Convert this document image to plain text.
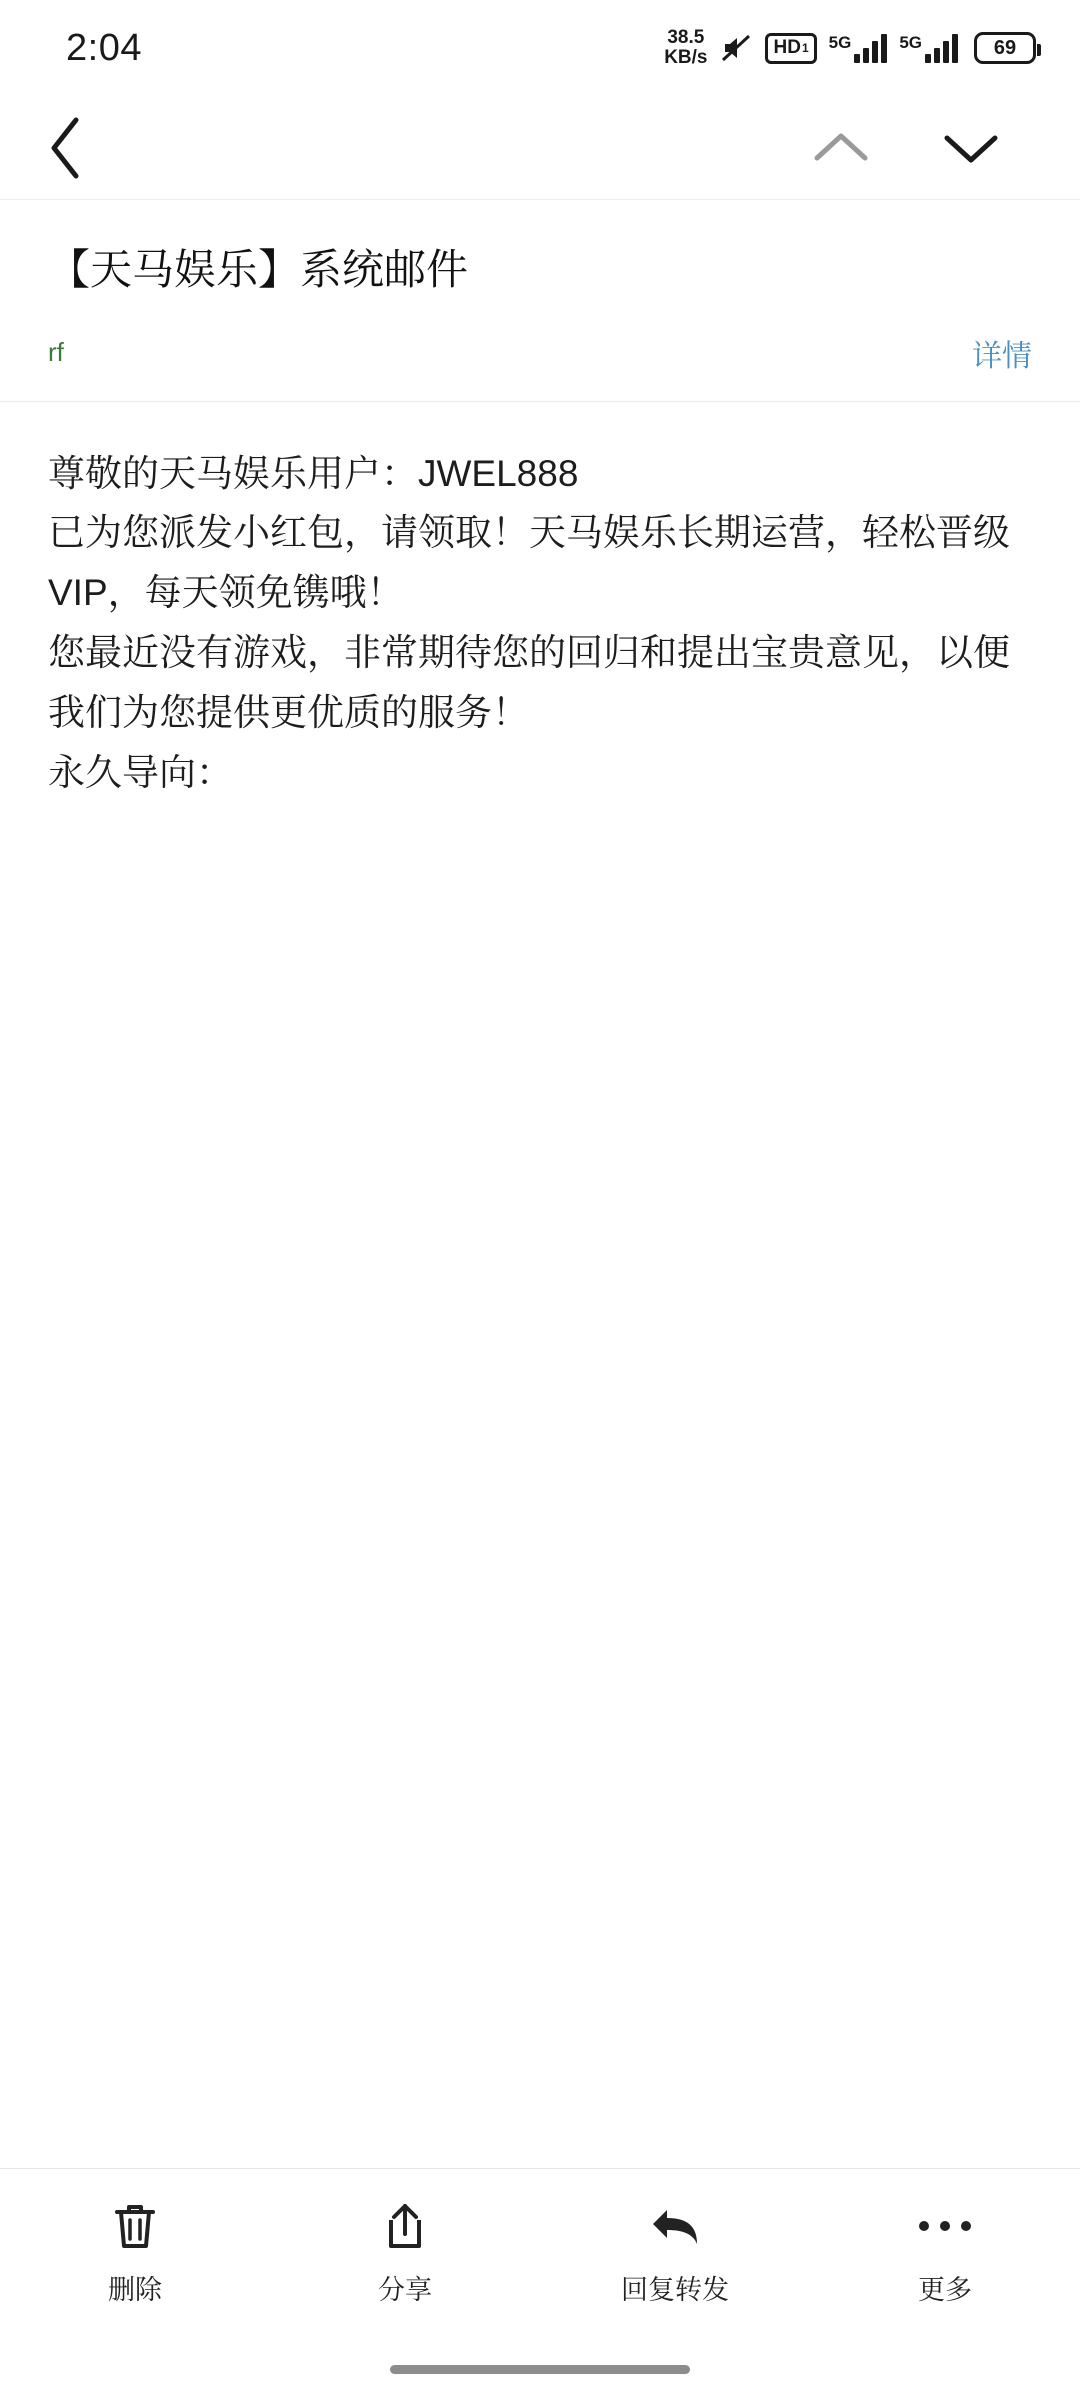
2:04	38.5
KB/s	HD 1 5G	5G	69
【天马娱乐】系统邮件
rf	详情

尊敬的天马娱乐用户：JWEL888

已为您派发小红包，请领取！天马娱乐长期运营，轻松晋级VIP，每天领免镌哦！

您最近没有游戏，非常期待您的回归和提出宝贵意见，以便我们为您提供更优质的服务！

永久导向：

删除	分享	回复转发	更多
